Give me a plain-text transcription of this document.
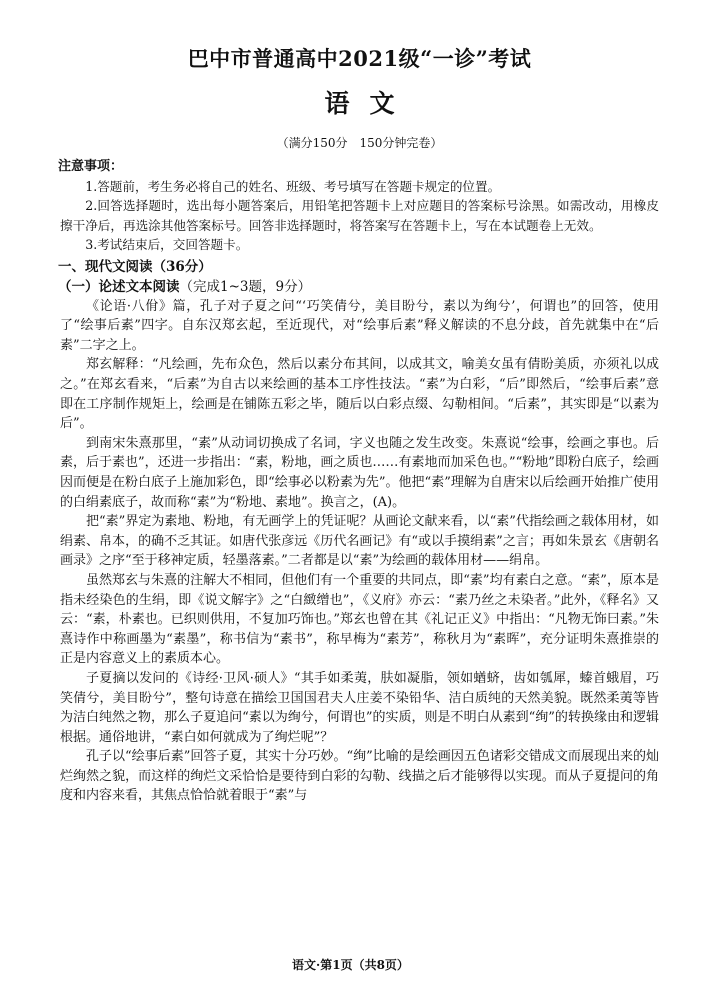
巴中市普通高中2021级“一诊”考试
语文

（满分150分　150分钟完卷）

注意事项：

1.答题前，考生务必将自己的姓名、班级、考号填写在答题卡规定的位置。

2.回答选择题时，选出每小题答案后，用铅笔把答题卡上对应题目的答案标号涂黑。如需改动，用橡皮擦干净后，再选涂其他答案标号。回答非选择题时，将答案写在答题卡上，写在本试题卷上无效。

3.考试结束后，交回答题卡。

一、现代文阅读（36分）
（一）论述文本阅读（完成1~3题，9分）

《论语·八佾》篇，孔子对子夏之问“‘巧笑倩兮，美目盼兮，素以为绚兮’，何谓也”的回答，使用了“绘事后素”四字。自东汉郑玄起，至近现代，对“绘事后素”释义解读的不息分歧，首先就集中在“后素”二字之上。

郑玄解释：“凡绘画，先布众色，然后以素分布其间，以成其文，喻美女虽有倩盼美质，亦须礼以成之。”在郑玄看来，“后素”为自古以来绘画的基本工序性技法。“素”为白彩，“后”即然后，“绘事后素”意即在工序制作规矩上，绘画是在铺陈五彩之毕，随后以白彩点缀、勾勒相间。“后素”，其实即是“以素为后”。

到南宋朱熹那里，“素”从动词切换成了名词，字义也随之发生改变。朱熹说“绘事，绘画之事也。后素，后于素也”，还进一步指出：“素，粉地，画之质也……有素地而加采色也。”“粉地”即粉白底子，绘画因而便是在粉白底子上施加彩色，即“绘事必以粉素为先”。他把“素”理解为自唐宋以后绘画开始推广使用的白绢素底子，故而称“素”为“粉地、素地”。换言之，(A)。

把“素”界定为素地、粉地，有无画学上的凭证呢？从画论文献来看，以“素”代指绘画之载体用材，如绢素、帛本，的确不乏其证。如唐代张彦远《历代名画记》有“或以手摸绢素”之言；再如朱景玄《唐朝名画录》之序“至于移神定质，轻墨落素。”二者都是以“素”为绘画的载体用材——绢帛。

虽然郑玄与朱熹的注解大不相同，但他们有一个重要的共同点，即“素”均有素白之意。“素”，原本是指未经染色的生绢，即《说文解字》之“白緻缯也”，《义府》亦云：“素乃丝之未染者。”此外，《释名》又云：“素，朴素也。已织则供用，不复加巧饰也。”郑玄也曾在其《礼记正义》中指出：“凡物无饰曰素。”朱熹诗作中称画墨为“素墨”，称书信为“素书”，称早梅为“素芳”，称秋月为“素晖”，充分证明朱熹推崇的正是内容意义上的素质本心。

子夏摘以发问的《诗经·卫风·硕人》“其手如柔荑，肤如凝脂，领如蝤蛴，齿如瓠犀，螓首蛾眉，巧笑倩兮，美目盼兮”，整句诗意在描绘卫国国君夫人庄姜不染铅华、洁白质纯的天然美貌。既然柔荑等皆为洁白纯然之物，那么子夏追问“素以为绚兮，何谓也”的实质，则是不明白从素到“绚”的转换缘由和逻辑根据。通俗地讲，“素白如何就成为了绚烂呢”？

孔子以“绘事后素”回答子夏，其实十分巧妙。“绚”比喻的是绘画因五色诸彩交错成文而展现出来的灿烂绚然之貌，而这样的绚烂文采恰恰是要待到白彩的勾勒、线描之后才能够得以实现。而从子夏提问的角度和内容来看，其焦点恰恰就着眼于“素”与

语文·第1页（共8页）
